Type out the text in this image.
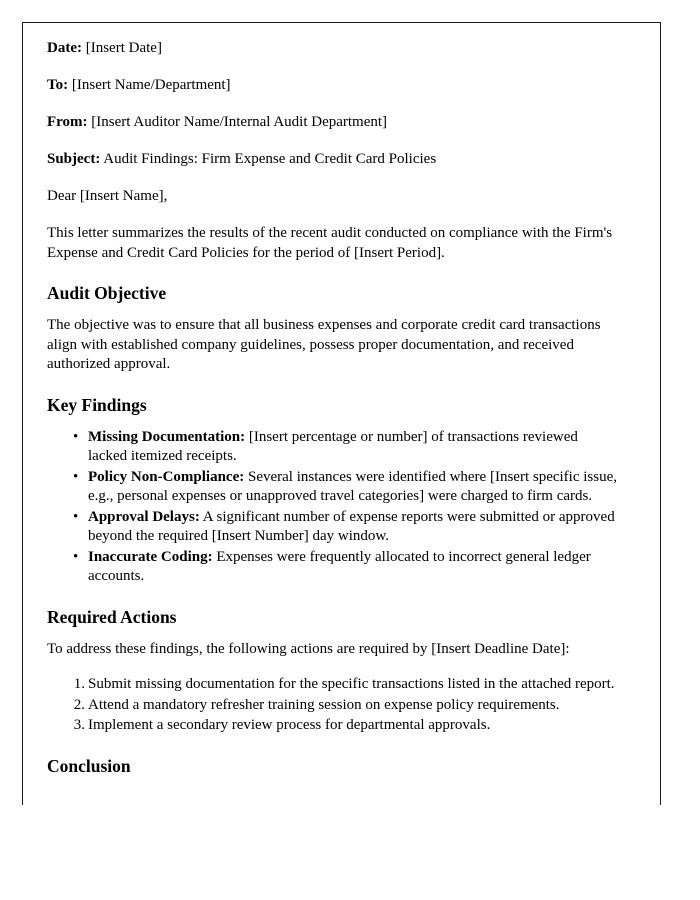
Date: [Insert Date]

To: [Insert Name/Department]

From: [Insert Auditor Name/Internal Audit Department]

Subject: Audit Findings: Firm Expense and Credit Card Policies

Dear [Insert Name],

This letter summarizes the results of the recent audit conducted on compliance with the Firm's Expense and Credit Card Policies for the period of [Insert Period].

Audit Objective

The objective was to ensure that all business expenses and corporate credit card transactions align with established company guidelines, possess proper documentation, and received authorized approval.

Key Findings
• Missing Documentation: [Insert percentage or number] of transactions reviewed lacked itemized receipts.
• Policy Non-Compliance: Several instances were identified where [Insert specific issue, e.g., personal expenses or unapproved travel categories] were charged to firm cards.
• Approval Delays: A significant number of expense reports were submitted or approved beyond the required [Insert Number] day window.
• Inaccurate Coding: Expenses were frequently allocated to incorrect general ledger accounts.
Required Actions

To address these findings, the following actions are required by [Insert Deadline Date]:

1. Submit missing documentation for the specific transactions listed in the attached report.
2. Attend a mandatory refresher training session on expense policy requirements.
3. Implement a secondary review process for departmental approvals.
Conclusion
